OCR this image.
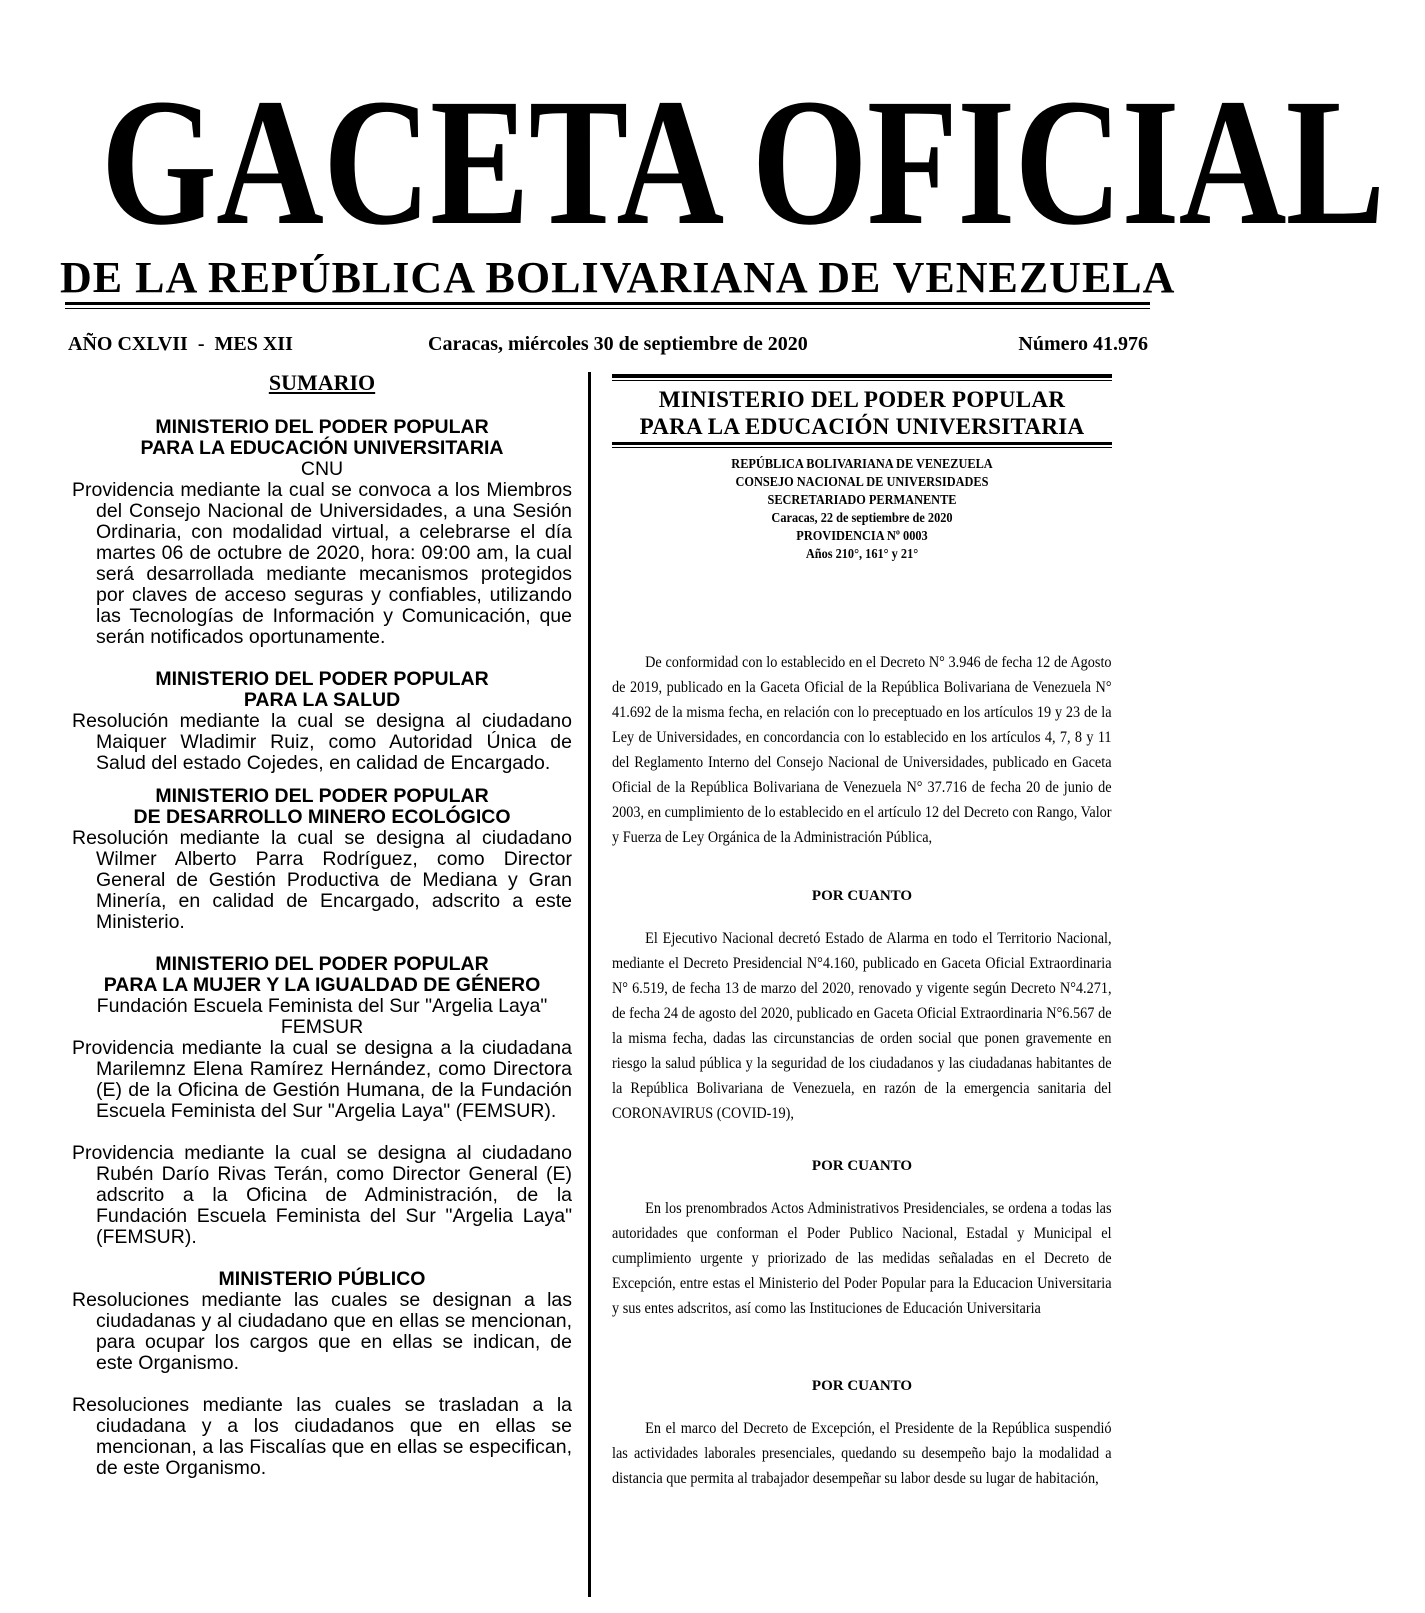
GACETA OFICIAL
DE LA REPÚBLICA BOLIVARIANA DE VENEZUELA
AÑO CXLVII  -  MES XII	Caracas, miércoles 30 de septiembre de 2020	Número 41.976
SUMARIO
MINISTERIO DEL PODER POPULAR
PARA LA EDUCACIÓN UNIVERSITARIA
CNU
Providencia mediante la cual se convoca a los Miembros del Consejo Nacional de Universidades, a una Sesión Ordinaria, con modalidad virtual, a celebrarse el día martes 06 de octubre de 2020, hora: 09:00 am, la cual será desarrollada mediante mecanismos protegidos por claves de acceso seguras y confiables, utilizando las Tecnologías de Información y Comunicación, que serán notificados oportunamente.
MINISTERIO DEL PODER POPULAR
PARA LA SALUD
Resolución mediante la cual se designa al ciudadano Maiquer Wladimir Ruiz, como Autoridad Única de Salud del estado Cojedes, en calidad de Encargado.
MINISTERIO DEL PODER POPULAR
DE DESARROLLO MINERO ECOLÓGICO
Resolución mediante la cual se designa al ciudadano Wilmer Alberto Parra Rodríguez, como Director General de Gestión Productiva de Mediana y Gran Minería, en calidad de Encargado, adscrito a este Ministerio.
MINISTERIO DEL PODER POPULAR
PARA LA MUJER Y LA IGUALDAD DE GÉNERO
Fundación Escuela Feminista del Sur "Argelia Laya"
FEMSUR
Providencia mediante la cual se designa a la ciudadana Marilemnz Elena Ramírez Hernández, como Directora (E) de la Oficina de Gestión Humana, de la Fundación Escuela Feminista del Sur "Argelia Laya" (FEMSUR).
Providencia mediante la cual se designa al ciudadano Rubén Darío Rivas Terán, como Director General (E) adscrito a la Oficina de Administración, de la Fundación Escuela Feminista del Sur "Argelia Laya" (FEMSUR).
MINISTERIO PÚBLICO
Resoluciones mediante las cuales se designan a las ciudadanas y al ciudadano que en ellas se mencionan, para ocupar los cargos que en ellas se indican, de este Organismo.
Resoluciones mediante las cuales se trasladan a la ciudadana y a los ciudadanos que en ellas se mencionan, a las Fiscalías que en ellas se especifican, de este Organismo.
MINISTERIO DEL PODER POPULAR
PARA LA EDUCACIÓN UNIVERSITARIA
REPÚBLICA BOLIVARIANA DE VENEZUELA
CONSEJO NACIONAL DE UNIVERSIDADES
SECRETARIADO PERMANENTE
Caracas, 22 de septiembre de 2020
PROVIDENCIA Nº 0003
Años 210°, 161° y 21°
De conformidad con lo establecido en el Decreto N° 3.946 de fecha 12 de Agosto de 2019, publicado en la Gaceta Oficial de la República Bolivariana de Venezuela N° 41.692 de la misma fecha, en relación con lo preceptuado en los artículos 19 y 23 de la Ley de Universidades, en concordancia con lo establecido en los artículos 4, 7, 8 y 11 del Reglamento Interno del Consejo Nacional de Universidades, publicado en Gaceta Oficial de la República Bolivariana de Venezuela N° 37.716 de fecha 20 de junio de 2003, en cumplimiento de lo establecido en el artículo 12 del Decreto con Rango, Valor y Fuerza de Ley Orgánica de la Administración Pública,
POR CUANTO
El Ejecutivo Nacional decretó Estado de Alarma en todo el Territorio Nacional, mediante el Decreto Presidencial N°4.160, publicado en Gaceta Oficial Extraordinaria N° 6.519, de fecha 13 de marzo del 2020, renovado y vigente según Decreto N°4.271, de fecha 24 de agosto del 2020, publicado en Gaceta Oficial Extraordinaria N°6.567 de la misma fecha, dadas las circunstancias de orden social que ponen gravemente en riesgo la salud pública y la seguridad de los ciudadanos y las ciudadanas habitantes de la República Bolivariana de Venezuela, en razón de la emergencia sanitaria del CORONAVIRUS (COVID-19),
POR CUANTO
En los prenombrados Actos Administrativos Presidenciales, se ordena a todas las autoridades que conforman el Poder Publico Nacional, Estadal y Municipal el cumplimiento urgente y priorizado de las medidas señaladas en el Decreto de Excepción, entre estas el Ministerio del Poder Popular para la Educacion Universitaria y sus entes adscritos, así como las Instituciones de Educación Universitaria
POR CUANTO
En el marco del Decreto de Excepción, el Presidente de la República suspendió las actividades laborales presenciales, quedando su desempeño bajo la modalidad a distancia que permita al trabajador desempeñar su labor desde su lugar de habitación,
